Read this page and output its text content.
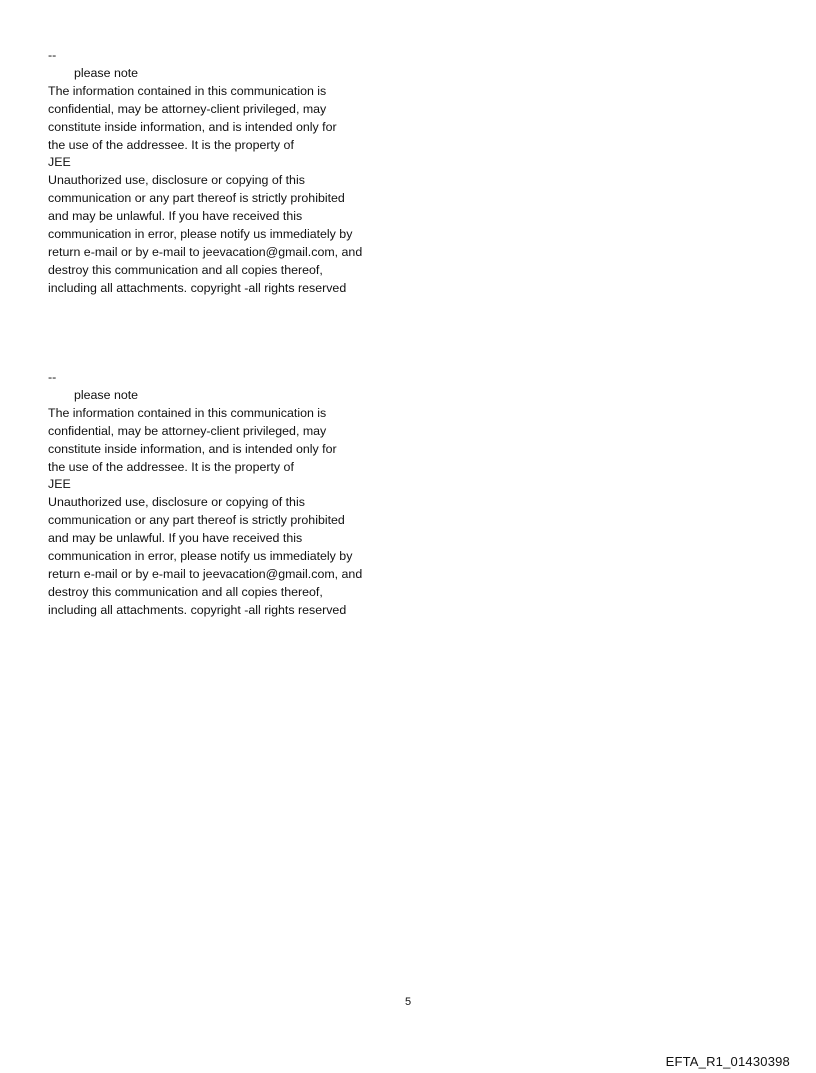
--
please note
The information contained in this communication is
confidential, may be attorney-client privileged, may
constitute inside information, and is intended only for
the use of the addressee. It is the property of
JEE
Unauthorized use, disclosure or copying of this
communication or any part thereof is strictly prohibited
and may be unlawful. If you have received this
communication in error, please notify us immediately by
return e-mail or by e-mail to jeevacation@gmail.com, and
destroy this communication and all copies thereof,
including all attachments. copyright -all rights reserved
--
please note
The information contained in this communication is
confidential, may be attorney-client privileged, may
constitute inside information, and is intended only for
the use of the addressee. It is the property of
JEE
Unauthorized use, disclosure or copying of this
communication or any part thereof is strictly prohibited
and may be unlawful. If you have received this
communication in error, please notify us immediately by
return e-mail or by e-mail to jeevacation@gmail.com, and
destroy this communication and all copies thereof,
including all attachments. copyright -all rights reserved
5
EFTA_R1_01430398
